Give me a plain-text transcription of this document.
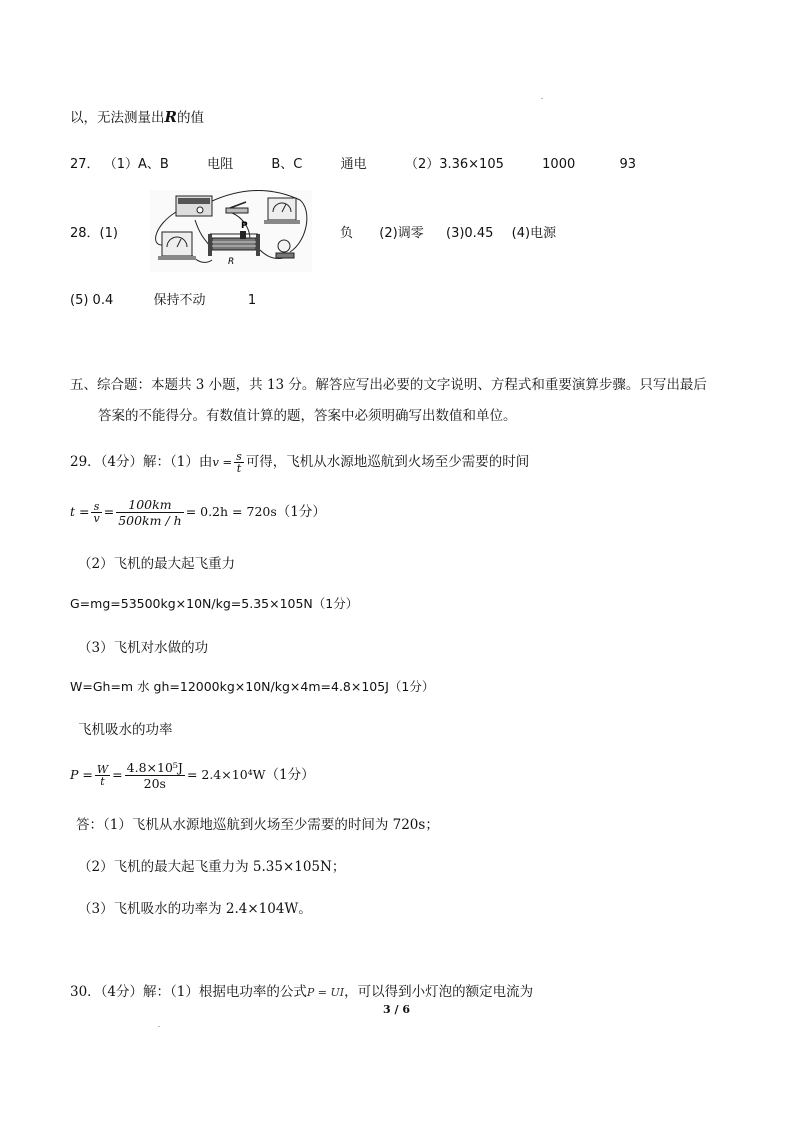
以，无法测量出R的值
27． （1）A、B	电阻	B、C	通电	（2）3.36×105	1000	93
28．(1)	P
R
负 (2)调零 (3)0.45 (4)电源
(5) 0.4	保持不动	1
五、综合题：本题共 3 小题，共 13 分。解答应写出必要的文字说明、方程式和重要演算步骤。只写出最后
答案的不能得分。有数值计算的题，答案中必须明确写出数值和单位。
29．（4分）解：（1）由$v = \frac{s}{t}$ 可得，飞机从水源地巡航到火场至少需要的时间
$t = \frac{s}{v} = \frac{100km}{500km / h} = 0.2h = 720s(1$分）
（2）飞机的最大起飞重力
G=mg=53500kg×10N/kg=5.35×105N（1分）
（3）飞机对水做的功
W=Gh=m 水 gh=12000kg×10N/kg×4m=4.8×105J（1分）
飞机吸水的功率
$P = \frac{W}{t} = \frac{\text{4.8×10⁵J}}{20s} = 2.4\times 10^4W(1$分）
答：（1）飞机从水源地巡航到火场至少需要的时间为 720s；
（2）飞机的最大起飞重力为 5.35×105N；
（3）飞机吸水的功率为 2.4×104W。
30．（4分）解：（1）根据电功率的公式P = UI，可以得到小灯泡的额定电流为
3 / 6
